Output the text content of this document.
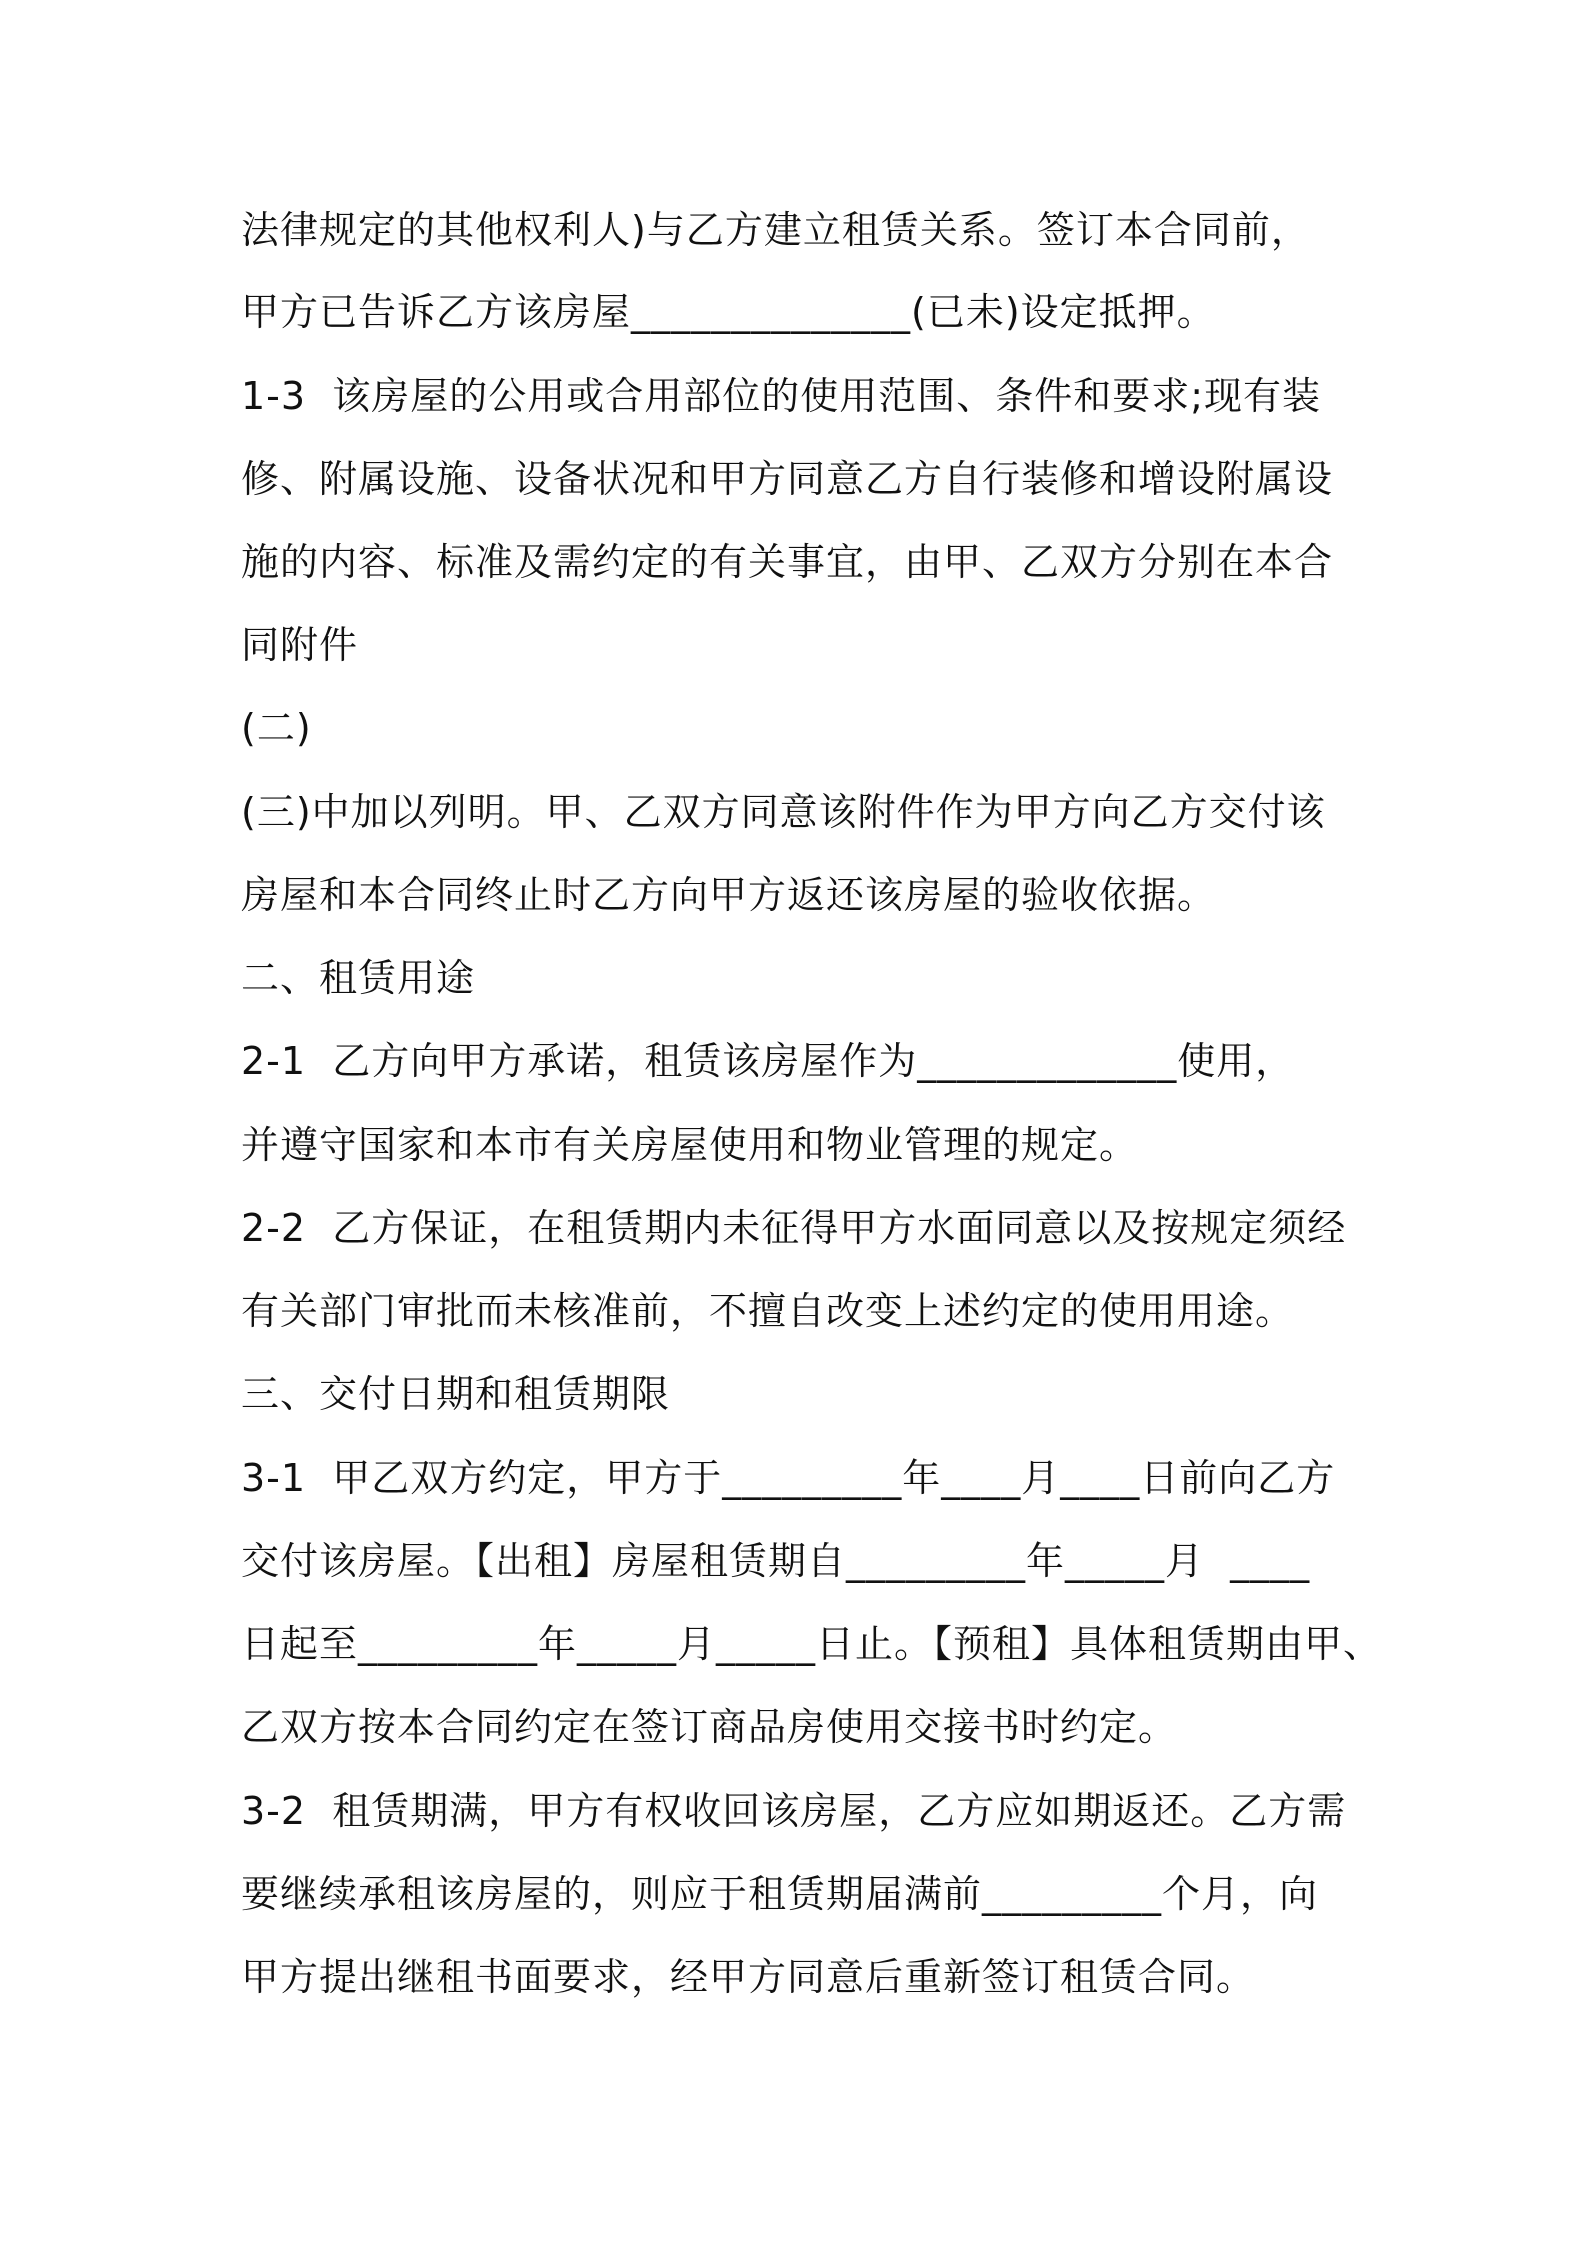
法律规定的其他权利人)与乙方建立租赁关系。签订本合同前，

甲方已告诉乙方该房屋______________(已未)设定抵押。

1-3  该房屋的公用或合用部位的使用范围、条件和要求;现有装

修、附属设施、设备状况和甲方同意乙方自行装修和增设附属设

施的内容、标准及需约定的有关事宜，由甲、乙双方分别在本合

同附件

(二)

(三)中加以列明。甲、乙双方同意该附件作为甲方向乙方交付该

房屋和本合同终止时乙方向甲方返还该房屋的验收依据。

二、租赁用途

2-1  乙方向甲方承诺，租赁该房屋作为_____________使用，

并遵守国家和本市有关房屋使用和物业管理的规定。

2-2  乙方保证，在租赁期内未征得甲方水面同意以及按规定须经

有关部门审批而未核准前，不擅自改变上述约定的使用用途。

三、交付日期和租赁期限

3-1  甲乙双方约定，甲方于_________年____月____日前向乙方

交付该房屋。【出租】房屋租赁期自_________年_____月  ____

日起至_________年_____月_____日止。【预租】具体租赁期由甲、

乙双方按本合同约定在签订商品房使用交接书时约定。

3-2  租赁期满，甲方有权收回该房屋，乙方应如期返还。乙方需

要继续承租该房屋的，则应于租赁期届满前_________个月，向

甲方提出继租书面要求，经甲方同意后重新签订租赁合同。
